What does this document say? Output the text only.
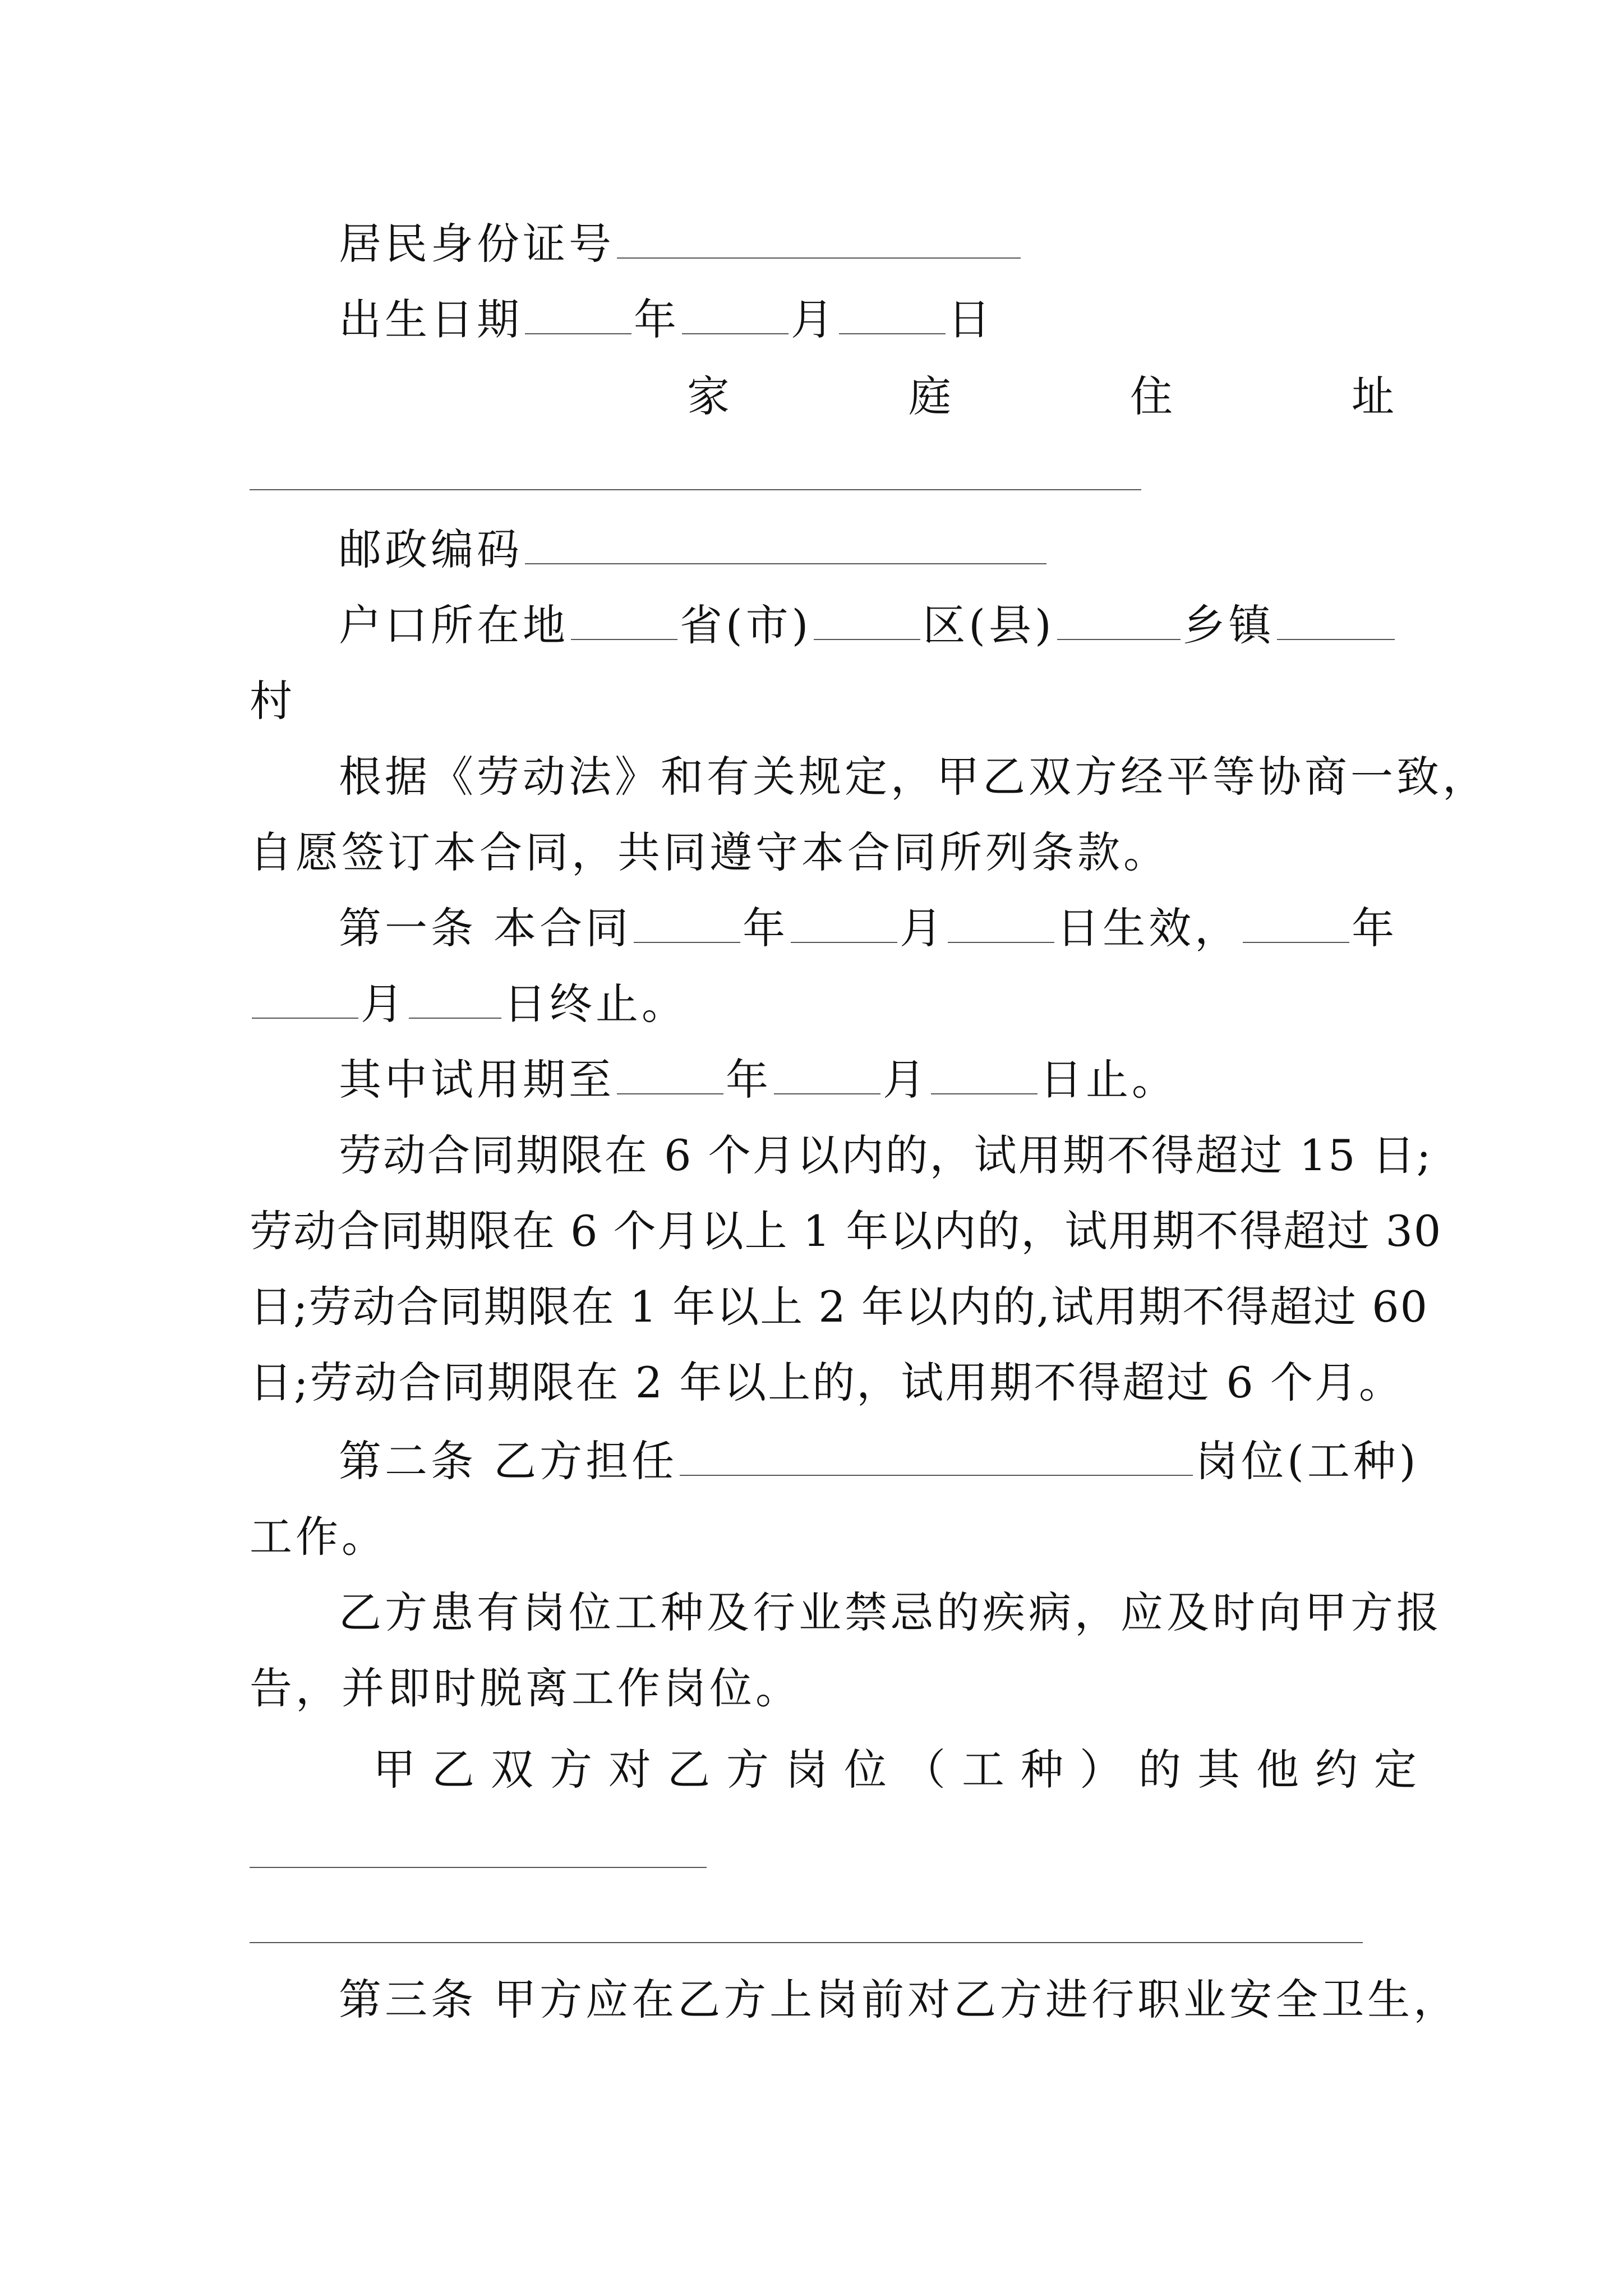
居民身份证号
出生日期	年	月	日
家	庭	住	址
邮政编码
户口所在地	省(市)	区(县)	乡镇
村
根据《劳动法》和有关规定，甲乙双方经平等协商一致，
自愿签订本合同，共同遵守本合同所列条款。
第一条 本合同	年	月	日生效，	年
月 日终止。
其中试用期至	年	月	日止。
劳动合同期限在 6 个月以内的，试用期不得超过 15 日;
劳动合同期限在 6 个月以上 1 年以内的，试用期不得超过 30
日;劳动合同期限在 1 年以上 2 年以内的,试用期不得超过 60
日;劳动合同期限在 2 年以上的，试用期不得超过 6 个月。
第二条 乙方担任	岗位(工种)
工作。
乙方患有岗位工种及行业禁忌的疾病，应及时向甲方报
告，并即时脱离工作岗位。
甲 乙 双 方 对 乙 方 岗 位 （ 工 种 ） 的 其 他 约 定
第三条 甲方应在乙方上岗前对乙方进行职业安全卫生，
